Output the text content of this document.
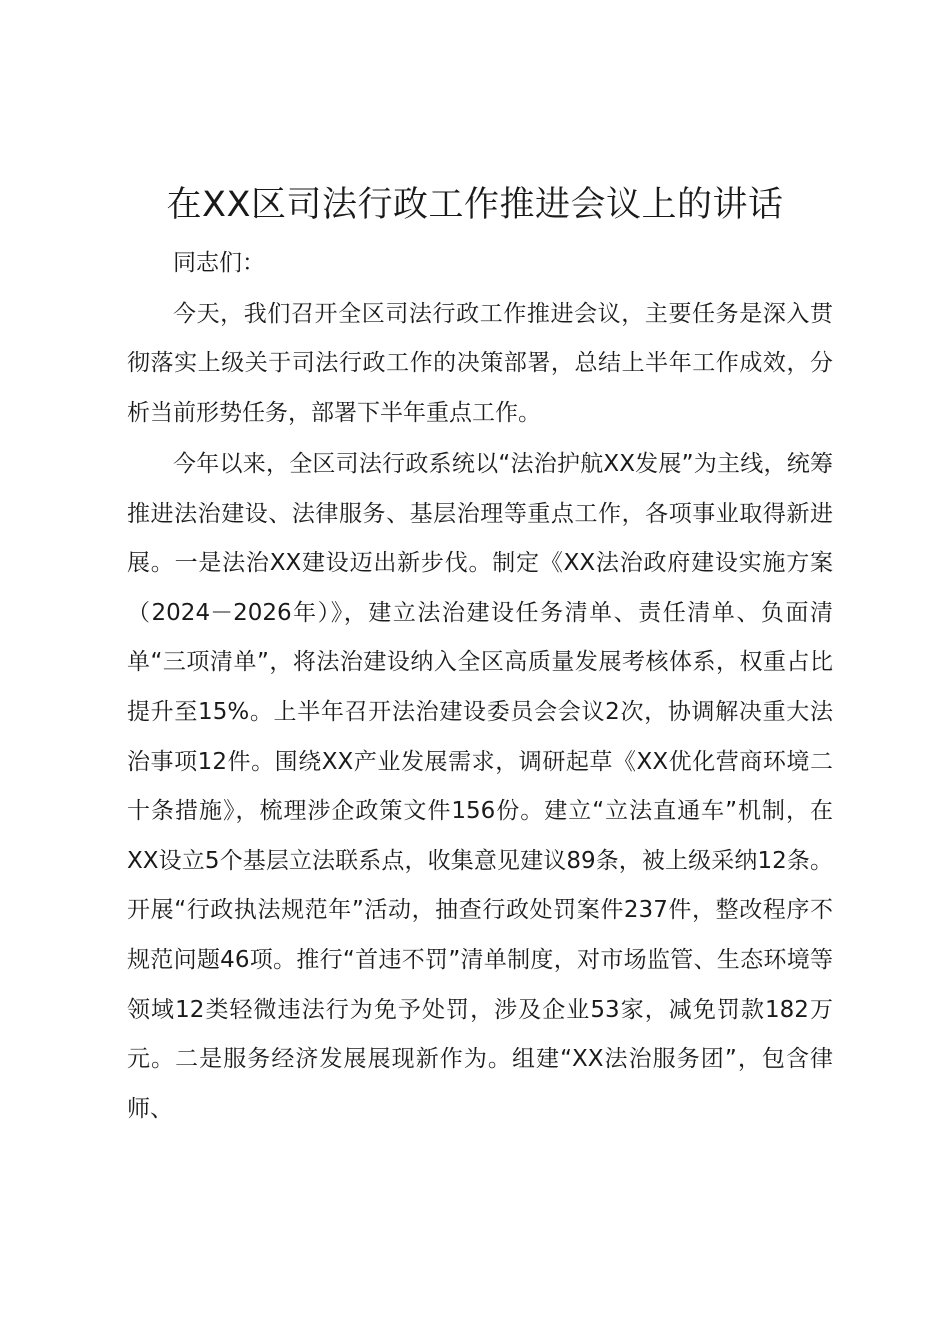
在XX区司法行政工作推进会议上的讲话

同志们：

今天，我们召开全区司法行政工作推进会议，主要任务是深入贯彻落实上级关于司法行政工作的决策部署，总结上半年工作成效，分析当前形势任务，部署下半年重点工作。

今年以来，全区司法行政系统以“法治护航XX发展”为主线，统筹推进法治建设、法律服务、基层治理等重点工作，各项事业取得新进展。一是法治XX建设迈出新步伐。制定《XX法治政府建设实施方案（2024－2026年）》，建立法治建设任务清单、责任清单、负面清单“三项清单”，将法治建设纳入全区高质量发展考核体系，权重占比提升至15%。上半年召开法治建设委员会会议2次，协调解决重大法治事项12件。围绕XX产业发展需求，调研起草《XX优化营商环境二十条措施》，梳理涉企政策文件156份。建立“立法直通车”机制，在XX设立5个基层立法联系点，收集意见建议89条，被上级采纳12条。开展“行政执法规范年”活动，抽查行政处罚案件237件，整改程序不规范问题46项。推行“首违不罚”清单制度，对市场监管、生态环境等领域12类轻微违法行为免予处罚，涉及企业53家，减免罚款182万元。二是服务经济发展展现新作为。组建“XX法治服务团”，包含律师、
